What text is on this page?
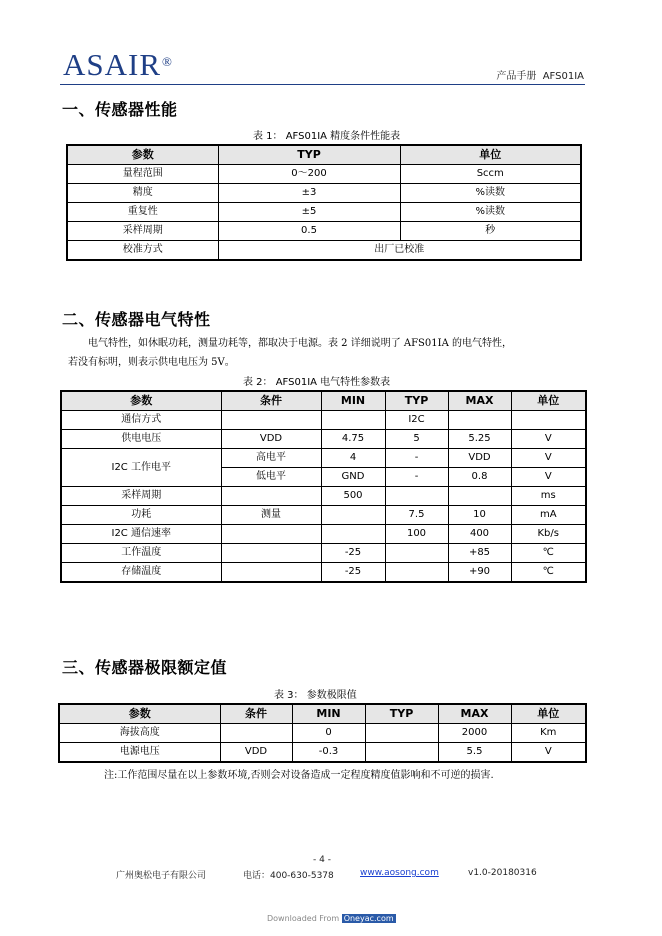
ASAIR®
产品手册 AFS01IA
一、传感器性能
表 1： AFS01IA 精度条件性能表
参数	TYP	单位
量程范围	0～200	Sccm
精度	±3	%读数
重复性	±5	%读数
采样周期	0.5	秒
校准方式	出厂已校准	
二、传感器电气特性
电气特性，如休眠功耗，测量功耗等，都取决于电源。表 2 详细说明了 AFS01IA 的电气特性，
若没有标明，则表示供电电压为 5V。
表 2： AFS01IA 电气特性参数表
参数	条件	MIN	TYP	MAX	单位
通信方式			I2C		
供电电压	VDD	4.75	5	5.25	V
I2C 工作电平	高电平	4	-	VDD	V
	低电平	GND	-	0.8	V
采样周期		500			ms
功耗	测量		7.5	10	mA
I2C 通信速率			100	400	Kb/s
工作温度		-25		+85	℃
存储温度		-25		+90	℃
三、传感器极限额定值
表 3： 参数极限值
参数	条件	MIN	TYP	MAX	单位
海拔高度		0		2000	Km
电源电压	VDD	-0.3		5.5	V
注:工作范围尽量在以上参数环境,否则会对设备造成一定程度精度值影响和不可逆的损害.
- 4 -
广州奥松电子有限公司	电话：400-630-5378	www.aosong.com	v1.0-20180316
Downloaded From Oneyac.com
